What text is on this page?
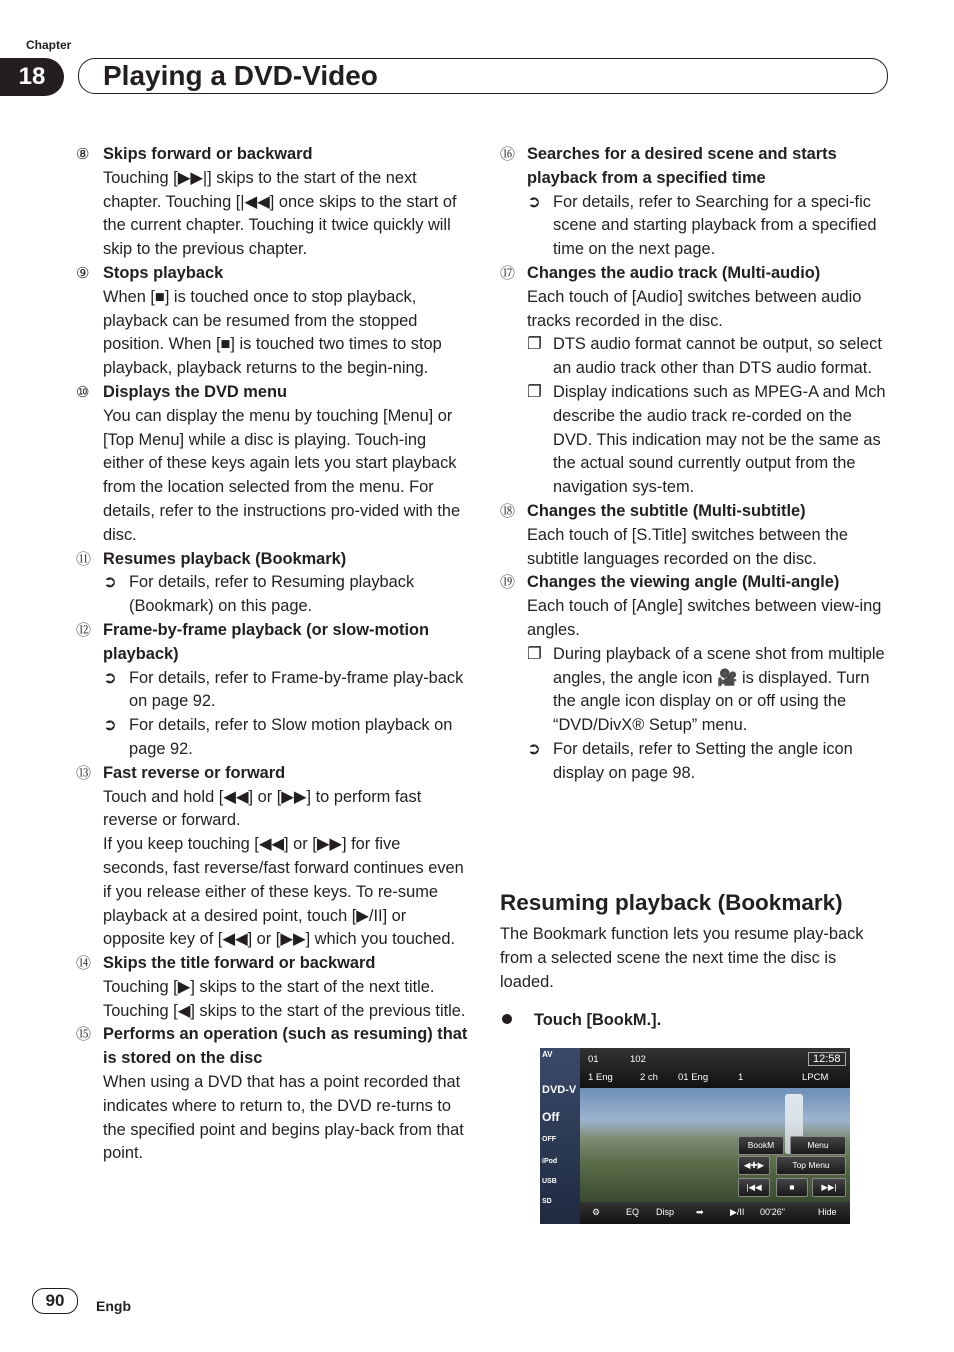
Chapter
18	Playing a DVD-Video
⑧ Skips forward or backward
Touching [▶▶|] skips to the start of the next chapter. Touching [|◀◀] once skips to the start of the current chapter. Touching it twice quickly will skip to the previous chapter.
⑨ Stops playback
When [■] is touched once to stop playback, playback can be resumed from the stopped position. When [■] is touched two times to stop playback, playback returns to the begin-ning.
⑩ Displays the DVD menu
You can display the menu by touching [Menu] or [Top Menu] while a disc is playing. Touch-ing either of these keys again lets you start playback from the location selected from the menu. For details, refer to the instructions pro-vided with the disc.
⑪ Resumes playback (Bookmark)
➲ For details, refer to Resuming playback (Bookmark) on this page.
⑫ Frame-by-frame playback (or slow-motion playback)
➲ For details, refer to Frame-by-frame play-back on page 92.
➲ For details, refer to Slow motion playback on page 92.
⑬ Fast reverse or forward
Touch and hold [◀◀] or [▶▶] to perform fast reverse or forward.
If you keep touching [◀◀] or [▶▶] for five seconds, fast reverse/fast forward continues even if you release either of these keys. To re-sume playback at a desired point, touch [▶/II] or opposite key of [◀◀] or [▶▶] which you touched.
⑭ Skips the title forward or backward
Touching [▶] skips to the start of the next title. Touching [◀] skips to the start of the previous title.
⑮ Performs an operation (such as resuming) that is stored on the disc
When using a DVD that has a point recorded that indicates where to return to, the DVD re-turns to the specified point and begins play-back from that point.
⑯ Searches for a desired scene and starts playback from a specified time
➲ For details, refer to Searching for a speci-fic scene and starting playback from a specified time on the next page.
⑰ Changes the audio track (Multi-audio)
Each touch of [Audio] switches between audio tracks recorded in the disc.
❐ DTS audio format cannot be output, so select an audio track other than DTS audio format.
❐ Display indications such as MPEG-A and Mch describe the audio track re-corded on the DVD. This indication may not be the same as the actual sound currently output from the navigation sys-tem.
⑱ Changes the subtitle (Multi-subtitle)
Each touch of [S.Title] switches between the subtitle languages recorded on the disc.
⑲ Changes the viewing angle (Multi-angle)
Each touch of [Angle] switches between view-ing angles.
❐ During playback of a scene shot from multiple angles, the angle icon 🎥 is displayed. Turn the angle icon display on or off using the “DVD/DivX® Setup” menu.
➲ For details, refer to Setting the angle icon display on page 98.
Resuming playback (Bookmark)
The Bookmark function lets you resume play-back from a selected scene the next time the disc is loaded.
Touch [BookM.].
AV
DVD-V
Off
OFF
iPod
USB
SD
01	102	12:58
1 Eng	2 ch 01 Eng	1	LPCM
BookM	Menu
◀✚▶	Top Menu
|◀◀	■	▶▶|
⚙	EQ Disp ➡	▶/II 00'26"	Hide
90	Engb
